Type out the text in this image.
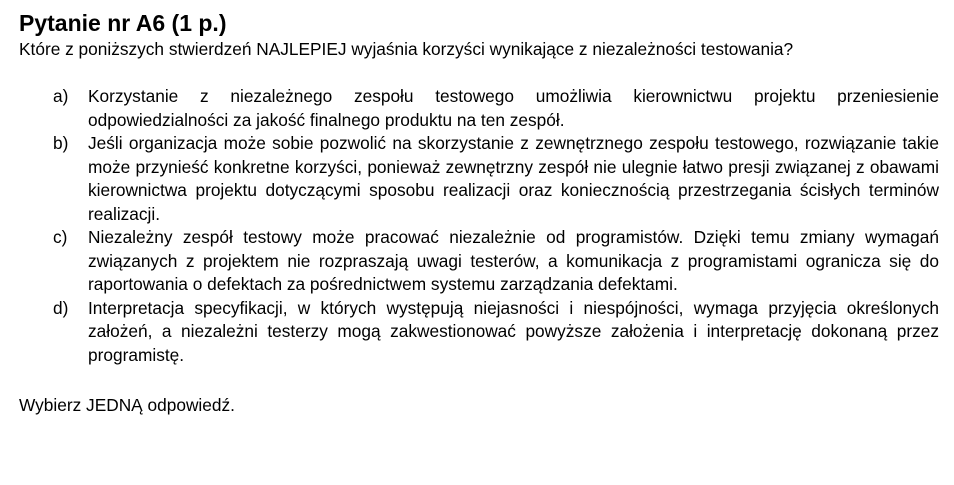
Pytanie nr A6 (1 p.)

Które z poniższych stwierdzeń NAJLEPIEJ wyjaśnia korzyści wynikające z niezależności testowania?

a)	Korzystanie z niezależnego zespołu testowego umożliwia kierownictwu projektu przeniesienie odpowiedzialności za jakość finalnego produktu na ten zespół.
b)	Jeśli organizacja może sobie pozwolić na skorzystanie z zewnętrznego zespołu testowego, rozwiązanie takie może przynieść konkretne korzyści, ponieważ zewnętrzny zespół nie ulegnie łatwo presji związanej z obawami kierownictwa projektu dotyczącymi sposobu realizacji oraz koniecznością przestrzegania ścisłych terminów realizacji.
c)	Niezależny zespół testowy może pracować niezależnie od programistów. Dzięki temu zmiany wymagań związanych z projektem nie rozpraszają uwagi testerów, a komunikacja z programistami ogranicza się do raportowania o defektach za pośrednictwem systemu zarządzania defektami.
d)	Interpretacja specyfikacji, w których występują niejasności i niespójności, wymaga przyjęcia określonych założeń, a niezależni testerzy mogą zakwestionować powyższe założenia i interpretację dokonaną przez programistę.
Wybierz JEDNĄ odpowiedź.
